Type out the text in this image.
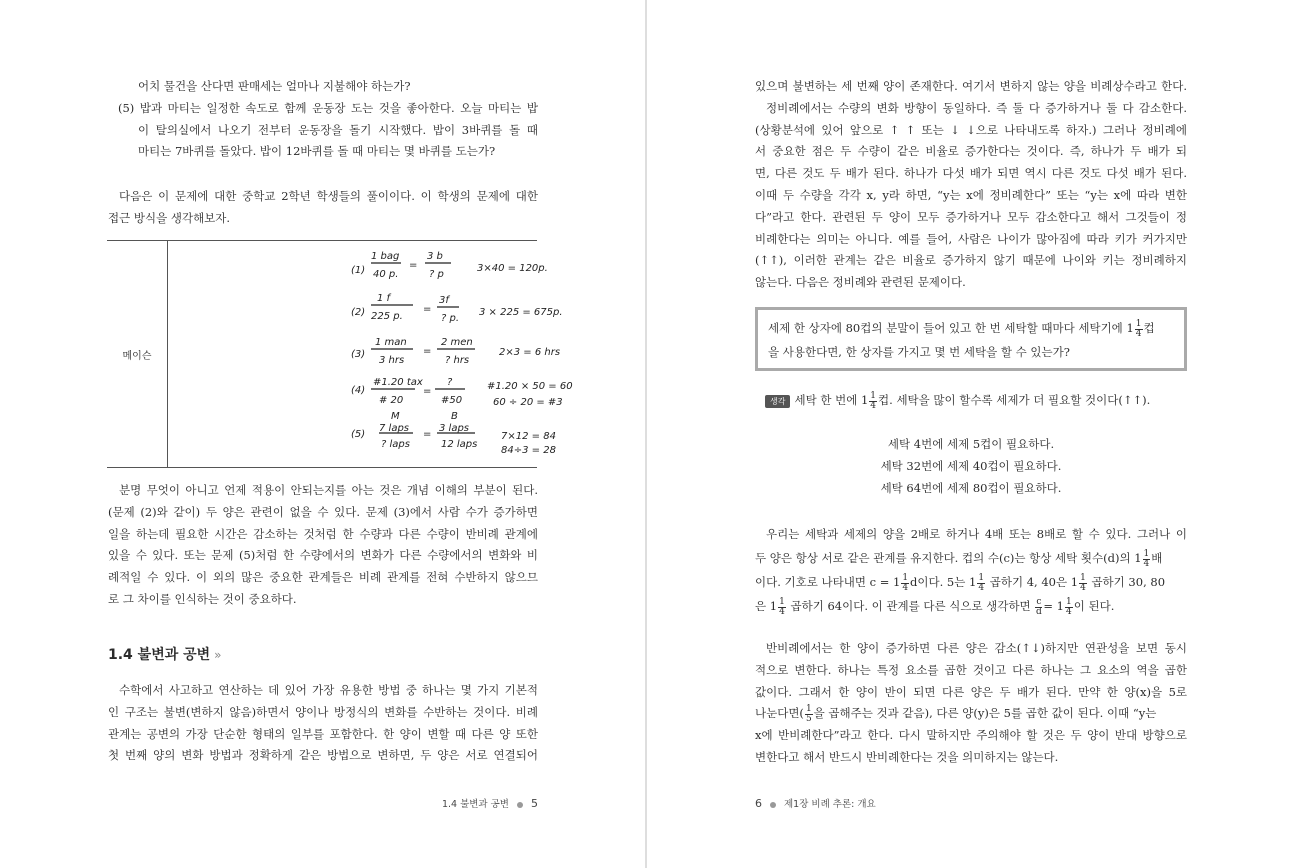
어치 물건을 산다면 판매세는 얼마나 지불해야 하는가?
(5) 밥과 마티는 일정한 속도로 함께 운동장 도는 것을 좋아한다. 오늘 마티는 밥
이 탈의실에서 나오기 전부터 운동장을 돌기 시작했다. 밥이 3바퀴를 돌 때
마티는 7바퀴를 돌았다. 밥이 12바퀴를 돌 때 마티는 몇 바퀴를 도는가?
다음은 이 문제에 대한 중학교 2학년 학생들의 풀이이다. 이 학생의 문제에 대한
접근 방식을 생각해보자.
메이슨
(1)
1 bag
40 p.
=
3 b
? p
3×40 = 120p.
(2)
1 f
225 p.
=
3f
? p.
3 × 225 = 675p.
(3)
1 man
3 hrs
=
2 men
? hrs
2×3 = 6 hrs
(4)
#1.20 tax
# 20
=
?
#50
#1.20 × 50 = 60
60 ÷ 20 = #3
(5)
M	B
7 laps
? laps
=
3 laps
12 laps
7×12 = 84
84÷3 = 28
분명 무엇이 아니고 언제 적용이 안되는지를 아는 것은 개념 이해의 부분이 된다.
(문제 (2)와 같이) 두 양은 관련이 없을 수 있다. 문제 (3)에서 사람 수가 증가하면
일을 하는데 필요한 시간은 감소하는 것처럼 한 수량과 다른 수량이 반비례 관계에
있을 수 있다. 또는 문제 (5)처럼 한 수량에서의 변화가 다른 수량에서의 변화와 비
례적일 수 있다. 이 외의 많은 중요한 관계들은 비례 관계를 전혀 수반하지 않으므
로 그 차이를 인식하는 것이 중요하다.
1.4 불변과 공변 »
수학에서 사고하고 연산하는 데 있어 가장 유용한 방법 중 하나는 몇 가지 기본적
인 구조는 불변(변하지 않음)하면서 양이나 방정식의 변화를 수반하는 것이다. 비례
관계는 공변의 가장 단순한 형태의 일부를 포함한다. 한 양이 변할 때 다른 양 또한
첫 번째 양의 변화 방법과 정확하게 같은 방법으로 변하면, 두 양은 서로 연결되어
1.4 불변과 공변 5
있으며 불변하는 세 번째 양이 존재한다. 여기서 변하지 않는 양을 비례상수라고 한다.
정비례에서는 수량의 변화 방향이 동일하다. 즉 둘 다 증가하거나 둘 다 감소한다.
(상황분석에 있어 앞으로 ↑ ↑ 또는 ↓ ↓으로 나타내도록 하자.) 그러나 정비례에
서 중요한 점은 두 수량이 같은 비율로 증가한다는 것이다. 즉, 하나가 두 배가 되
면, 다른 것도 두 배가 된다. 하나가 다섯 배가 되면 역시 다른 것도 다섯 배가 된다.
이때 두 수량을 각각 x, y라 하면, “y는 x에 정비례한다” 또는 “y는 x에 따라 변한
다”라고 한다. 관련된 두 양이 모두 증가하거나 모두 감소한다고 해서 그것들이 정
비례한다는 의미는 아니다. 예를 들어, 사람은 나이가 많아짐에 따라 키가 커가지만
(↑↑), 이러한 관계는 같은 비율로 증가하지 않기 때문에 나이와 키는 정비례하지
않는다. 다음은 정비례와 관련된 문제이다.
세제 한 상자에 80컵의 분말이 들어 있고 한 번 세탁할 때마다 세탁기에 $1 \frac{1}{4}$ 컵
을 사용한다면, 한 상자를 가지고 몇 번 세탁을 할 수 있는가?
생각 세탁 한 번에 $1 \frac{1}{4}$ 컵. 세탁을 많이 할수록 세제가 더 필요할 것이다(↑↑).
세탁 4번에 세제 5컵이 필요하다.
세탁 32번에 세제 40컵이 필요하다.
세탁 64번에 세제 80컵이 필요하다.
우리는 세탁과 세제의 양을 2배로 하거나 4배 또는 8배로 할 수 있다. 그러나 이
두 양은 항상 서로 같은 관계를 유지한다. 컵의 수(c)는 항상 세탁 횟수(d)의 $1 \frac{1}{4}$ 배
이다. 기호로 나타내면 $c = 1 \frac{1}{4}$ d이다. 5는 $1 \frac{1}{4}$ 곱하기 4, 40은 $1 \frac{1}{4}$ 곱하기 30, 80
은 $1 \frac{1}{4}$ 곱하기 64이다. 이 관계를 다른 식으로 생각하면 $\frac{c}{d} = 1 \frac{1}{4}$ 이 된다.
반비례에서는 한 양이 증가하면 다른 양은 감소(↑↓)하지만 연관성을 보면 동시
적으로 변한다. 하나는 특정 요소를 곱한 것이고 다른 하나는 그 요소의 역을 곱한
값이다. 그래서 한 양이 반이 되면 다른 양은 두 배가 된다. 만약 한 양(x)을 5로
나눈다면( $\frac{1}{5}$ 을 곱해주는 것과 같음), 다른 양(y)은 5를 곱한 값이 된다. 이때 “y는
x에 반비례한다”라고 한다. 다시 말하지만 주의해야 할 것은 두 양이 반대 방향으로
변한다고 해서 반드시 반비례한다는 것을 의미하지는 않는다.
6 제1장 비례 추론: 개요
